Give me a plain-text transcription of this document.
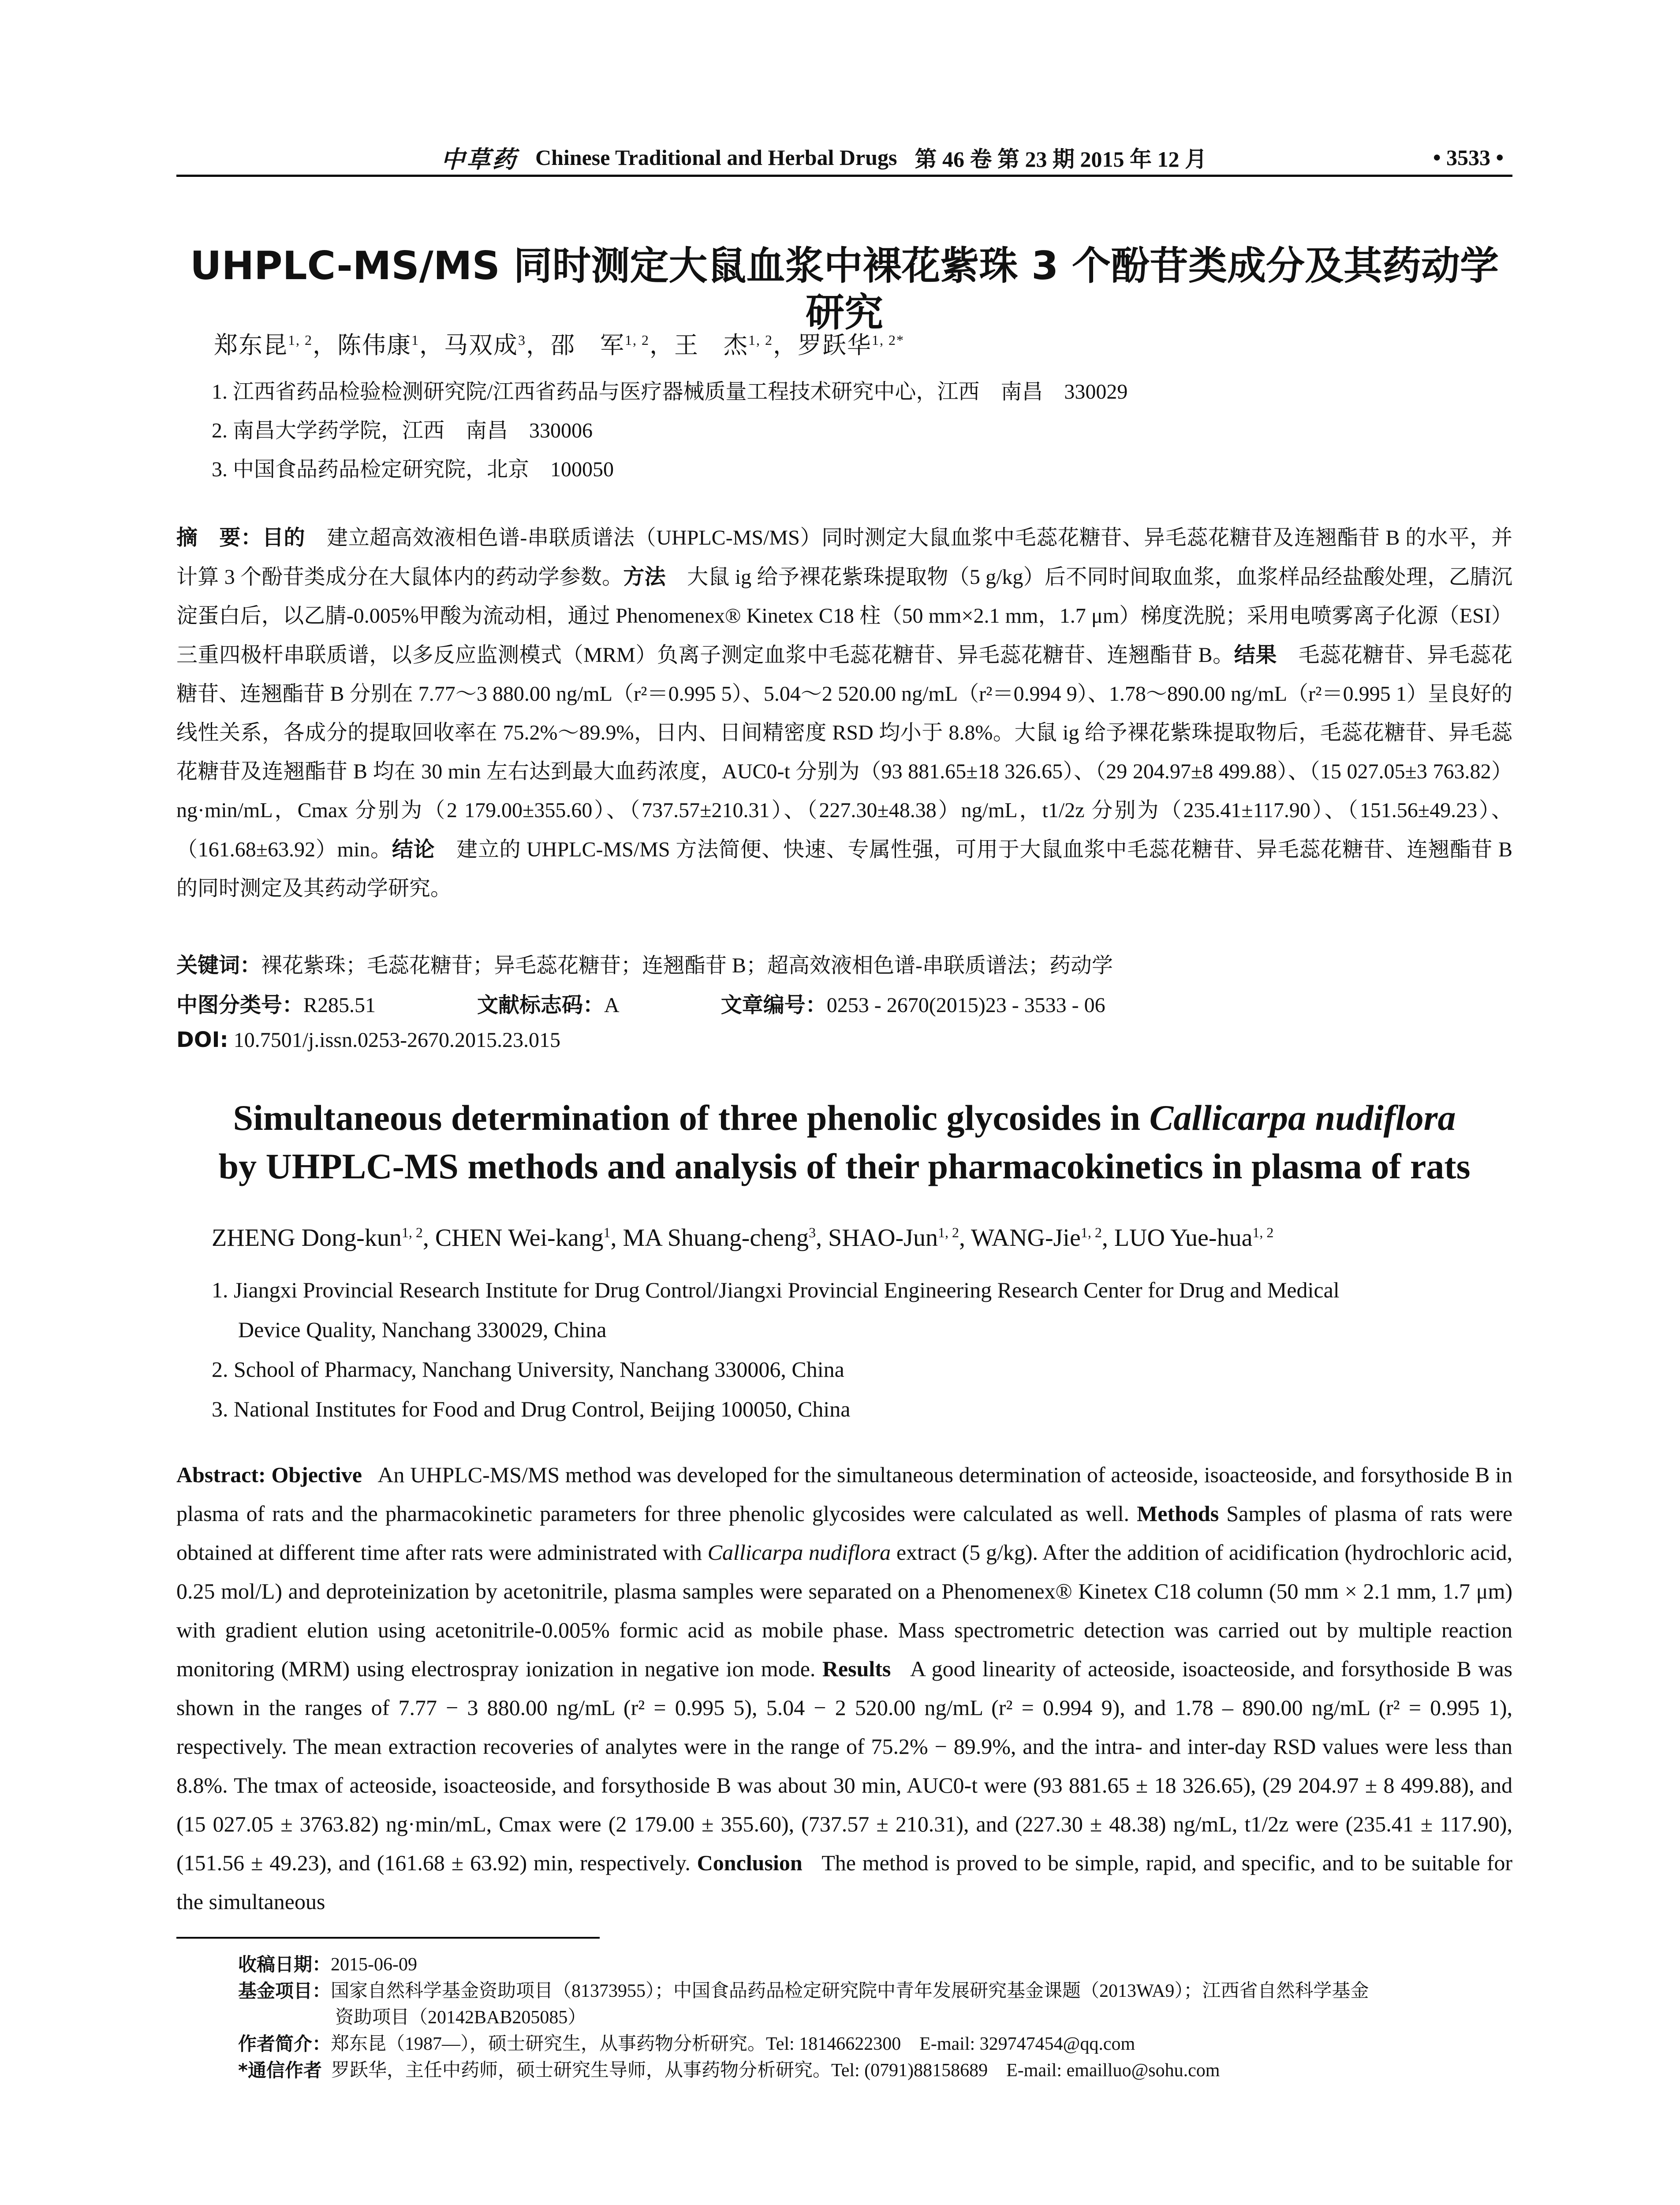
中草药 Chinese Traditional and Herbal Drugs 第 46 卷 第 23 期 2015 年 12 月	• 3533 •
UHPLC-MS/MS 同时测定大鼠血浆中裸花紫珠 3 个酚苷类成分及其药动学研究
郑东昆$^{1, 2}$，陈伟康$^1$，马双成$^3$，邵　军$^{1, 2}$，王　杰$^{1, 2}$，罗跃华$^{1, 2*}$
1. 江西省药品检验检测研究院/江西省药品与医疗器械质量工程技术研究中心，江西　南昌　330029
2. 南昌大学药学院，江西　南昌　330006
3. 中国食品药品检定研究院，北京　100050
摘　要：目的　 建立超高效液相色谱-串联质谱法（UHPLC-MS/MS）同时测定大鼠血浆中毛蕊花糖苷、异毛蕊花糖苷及连翘酯苷 B 的水平，并计算 3 个酚苷类成分在大鼠体内的药动学参数。方法　 大鼠 ig 给予裸花紫珠提取物（5 g/kg）后不同时间取血浆，血浆样品经盐酸处理，乙腈沉淀蛋白后，以乙腈-0.005%甲酸为流动相，通过 Phenomenex® Kinetex C18 柱（50 mm×2.1 mm，1.7 μm）梯度洗脱；采用电喷雾离子化源（ESI）三重四极杆串联质谱，以多反应监测模式（MRM）负离子测定血浆中毛蕊花糖苷、异毛蕊花糖苷、连翘酯苷 B。结果　 毛蕊花糖苷、异毛蕊花糖苷、连翘酯苷 B 分别在 7.77～3 880.00 ng/mL（r²＝0.995 5）、5.04～2 520.00 ng/mL（r²＝0.994 9）、1.78～890.00 ng/mL（r²＝0.995 1）呈良好的线性关系，各成分的提取回收率在 75.2%～89.9%，日内、日间精密度 RSD 均小于 8.8%。大鼠 ig 给予裸花紫珠提取物后，毛蕊花糖苷、异毛蕊花糖苷及连翘酯苷 B 均在 30 min 左右达到最大血药浓度，AUC0-t 分别为（93 881.65±18 326.65）、（29 204.97±8 499.88）、（15 027.05±3 763.82）ng·min/mL，Cmax 分别为（2 179.00±355.60）、（737.57±210.31）、（227.30±48.38）ng/mL，t1/2z 分别为（235.41±117.90）、（151.56±49.23）、（161.68±63.92）min。结论　 建立的 UHPLC-MS/MS 方法简便、快速、专属性强，可用于大鼠血浆中毛蕊花糖苷、异毛蕊花糖苷、连翘酯苷 B 的同时测定及其药动学研究。
关键词：裸花紫珠；毛蕊花糖苷；异毛蕊花糖苷；连翘酯苷 B；超高效液相色谱-串联质谱法；药动学
中图分类号：R285.51	文献标志码：A	文章编号：0253 - 2670(2015)23 - 3533 - 06
DOI: 10.7501/j.issn.0253-2670.2015.23.015
Simultaneous determination of three phenolic glycosides in Callicarpa nudiflora
by UHPLC-MS methods and analysis of their pharmacokinetics in plasma of rats
ZHENG Dong-kun$^{1, 2}$, CHEN Wei-kang$^1$, MA Shuang-cheng$^3$, SHAO-Jun$^{1, 2}$, WANG-Jie$^{1, 2}$, LUO Yue-hua$^{1, 2}$
1. Jiangxi Provincial Research Institute for Drug Control/Jiangxi Provincial Engineering Research Center for Drug and Medical
Device Quality, Nanchang 330029, China
2. School of Pharmacy, Nanchang University, Nanchang 330006, China
3. National Institutes for Food and Drug Control, Beijing 100050, China
Abstract: Objective An UHPLC-MS/MS method was developed for the simultaneous determination of acteoside, isoacteoside, and forsythoside B in plasma of rats and the pharmacokinetic parameters for three phenolic glycosides were calculated as well. Methods Samples of plasma of rats were obtained at different time after rats were administrated with Callicarpa nudiflora extract (5 g/kg). After the addition of acidification (hydrochloric acid, 0.25 mol/L) and deproteinization by acetonitrile, plasma samples were separated on a Phenomenex® Kinetex C18 column (50 mm × 2.1 mm, 1.7 μm) with gradient elution using acetonitrile-0.005% formic acid as mobile phase. Mass spectrometric detection was carried out by multiple reaction monitoring (MRM) using electrospray ionization in negative ion mode. Results A good linearity of acteoside, isoacteoside, and forsythoside B was shown in the ranges of 7.77 − 3 880.00 ng/mL (r² = 0.995 5), 5.04 − 2 520.00 ng/mL (r² = 0.994 9), and 1.78 – 890.00 ng/mL (r² = 0.995 1), respectively. The mean extraction recoveries of analytes were in the range of 75.2% − 89.9%, and the intra- and inter-day RSD values were less than 8.8%. The tmax of acteoside, isoacteoside, and forsythoside B was about 30 min, AUC0-t were (93 881.65 ± 18 326.65), (29 204.97 ± 8 499.88), and (15 027.05 ± 3763.82) ng·min/mL, Cmax were (2 179.00 ± 355.60), (737.57 ± 210.31), and (227.30 ± 48.38) ng/mL, t1/2z were (235.41 ± 117.90), (151.56 ± 49.23), and (161.68 ± 63.92) min, respectively. Conclusion The method is proved to be simple, rapid, and specific, and to be suitable for the simultaneous
收稿日期： 2015-06-09
基金项目： 国家自然科学基金资助项目（81373955）；中国食品药品检定研究院中青年发展研究基金课题（2013WA9）；江西省自然科学基金
资助项目（20142BAB205085）
作者简介： 郑东昆（1987—），硕士研究生，从事药物分析研究。Tel: 18146622300　E-mail: 329747454@qq.com
*通信作者
罗跃华，主任中药师，硕士研究生导师，从事药物分析研究。Tel: (0791)88158689　E-mail: emailluo@sohu.com
